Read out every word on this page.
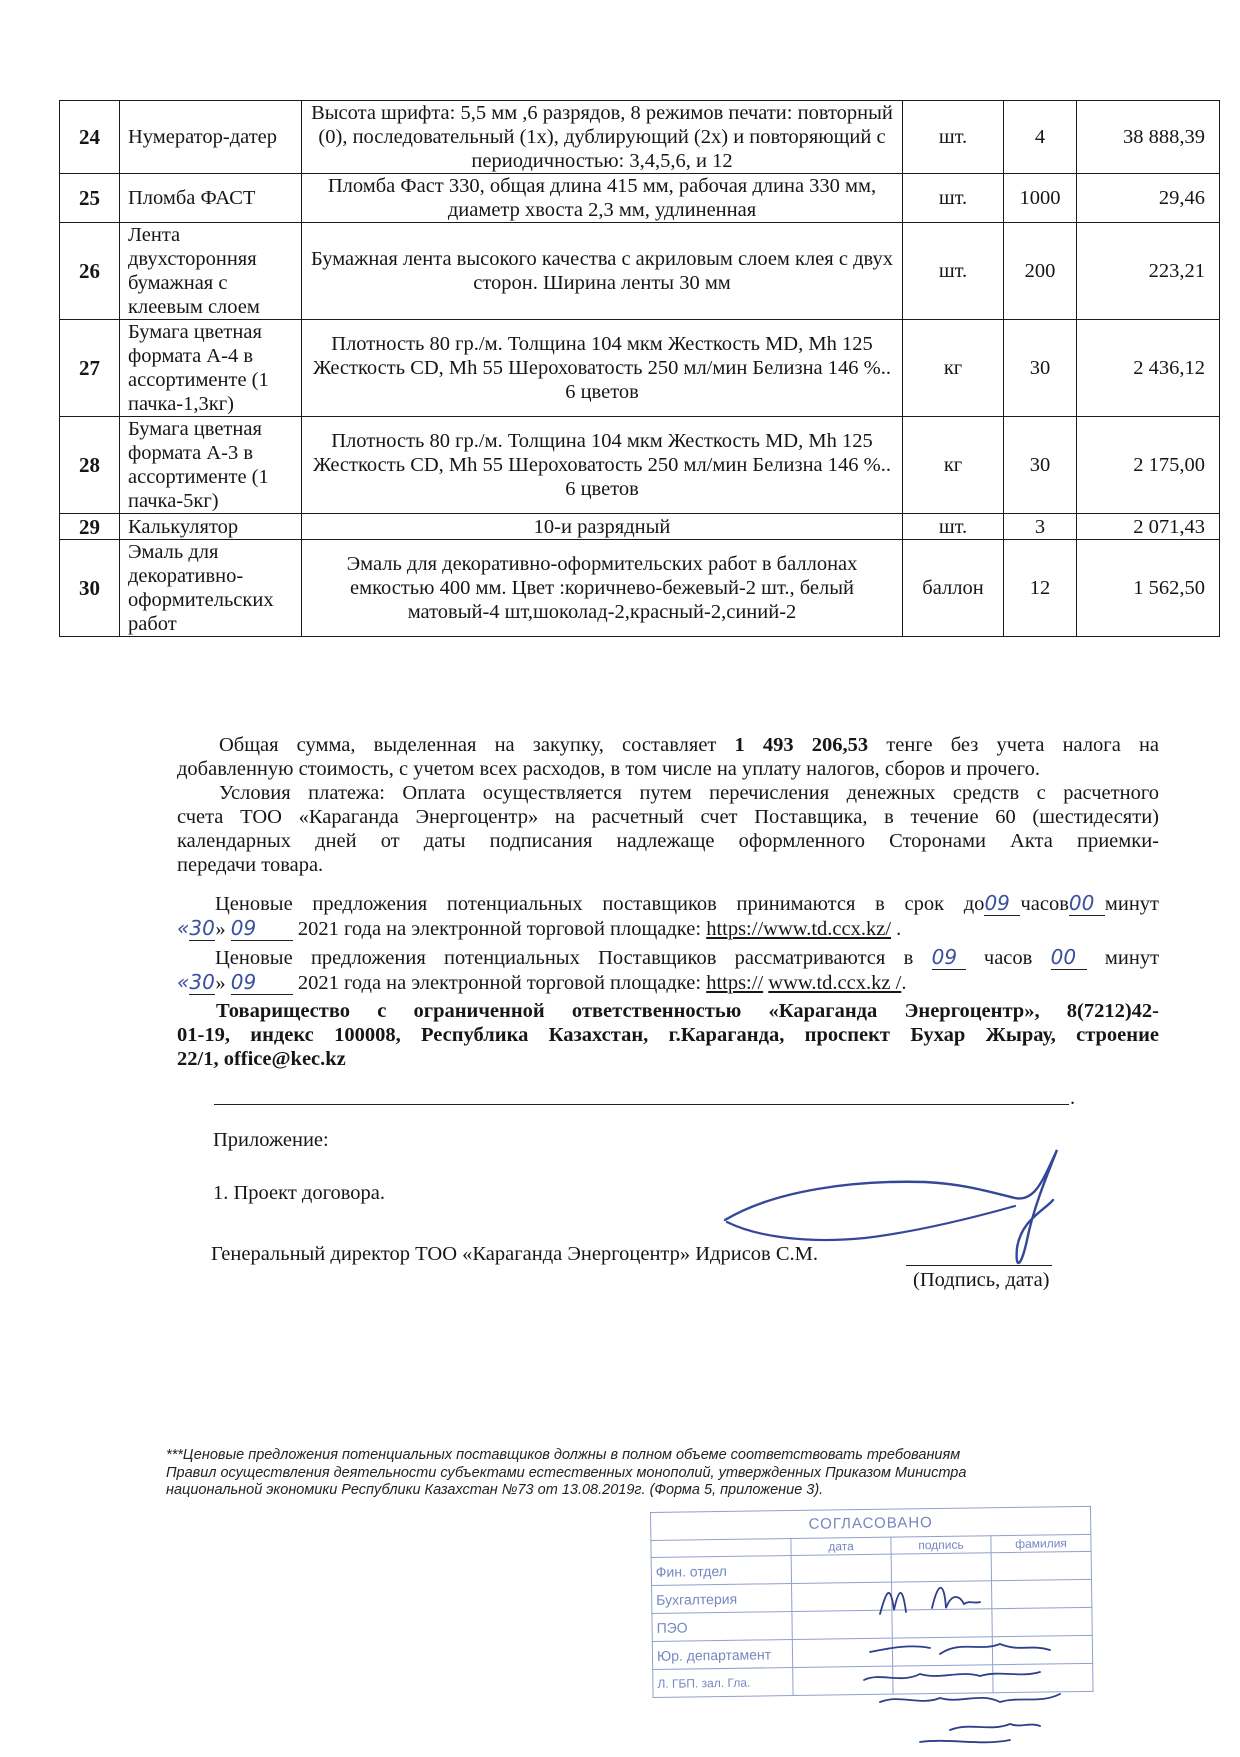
24	Нумератор-датер	Высота шрифта: 5,5 мм ,6 разрядов, 8 режимов печати: повторный (0), последовательный (1х), дублирующий (2х) и повторяющий с периодичностью: 3,4,5,6, и 12	шт.	4	38 888,39
25	Пломба ФАСТ	Пломба Фаст 330, общая длина 415 мм, рабочая длина 330 мм, диаметр хвоста 2,3 мм, удлиненная	шт.	1000	29,46
26	Лента двухсторонняя бумажная с клеевым слоем	Бумажная лента высокого качества с акриловым слоем клея с двух сторон. Ширина ленты 30 мм	шт.	200	223,21
27	Бумага цветная формата А-4 в ассортименте (1 пачка-1,3кг)	Плотность 80 гр./м. Толщина 104 мкм Жесткость MD, Mh 125 Жесткость CD, Mh 55 Шероховатость 250 мл/мин Белизна 146 %.. 6 цветов	кг	30	2 436,12
28	Бумага цветная формата А-3 в ассортименте (1 пачка-5кг)	Плотность 80 гр./м. Толщина 104 мкм Жесткость MD, Mh 125 Жесткость CD, Mh 55 Шероховатость 250 мл/мин Белизна 146 %.. 6 цветов	кг	30	2 175,00
29	Калькулятор	10-и разрядный	шт.	3	2 071,43
30	Эмаль для декоративно-оформительских работ	Эмаль для декоративно-оформительских работ в баллонах емкостью 400 мм. Цвет :коричнево-бежевый-2 шт., белый матовый-4 шт,шоколад-2,красный-2,синий-2	баллон	12	1 562,50
Общая сумма, выделенная на закупку, составляет 1 493 206,53 тенге без учета налога на
добавленную стоимость, с учетом всех расходов, в том числе на уплату налогов, сборов и прочего.
Условия платежа: Оплата осуществляется путем перечисления денежных средств с расчетного
счета ТОО «Караганда Энергоцентр» на расчетный счет Поставщика, в течение 60 (шестидесяти)
календарных дней от даты подписания надлежаще оформленного Сторонами Акта приемки-
передачи товара.
Ценовые предложения потенциальных поставщиков принимаются в срок до09 часов00 минут
«30» 09 2021 года на электронной торговой площадке: https://www.td.ccx.kz/ .
Ценовые предложения потенциальных Поставщиков рассматриваются в 09 часов 00 минут
«30» 09 2021 года на электронной торговой площадке: https:// www.td.ccx.kz /.
Товарищество с ограниченной ответственностью «Караганда Энергоцентр», 8(7212)42-
01-19, индекс 100008, Республика Казахстан, г.Караганда, проспект Бухар Жырау, строение
22/1, office@kec.kz
.
Приложение:
1. Проект договора.
Генеральный директор ТОО «Караганда Энергоцентр» Идрисов С.М.
(Подпись, дата)
***Ценовые предложения потенциальных поставщиков должны в полном объеме соответствовать требованиям
Правил осуществления деятельности субъектами естественных монополий, утвержденных Приказом Министра
национальной экономики Республики Казахстан №73 от 13.08.2019г. (Форма 5, приложение 3).
СОГЛАСОВАНО			
	дата	подпись	фамилия
Фин. отдел			
Бухгалтерия			
ПЭО			
Юр. департамент			
Л. ГБП. зал. Гла.			
